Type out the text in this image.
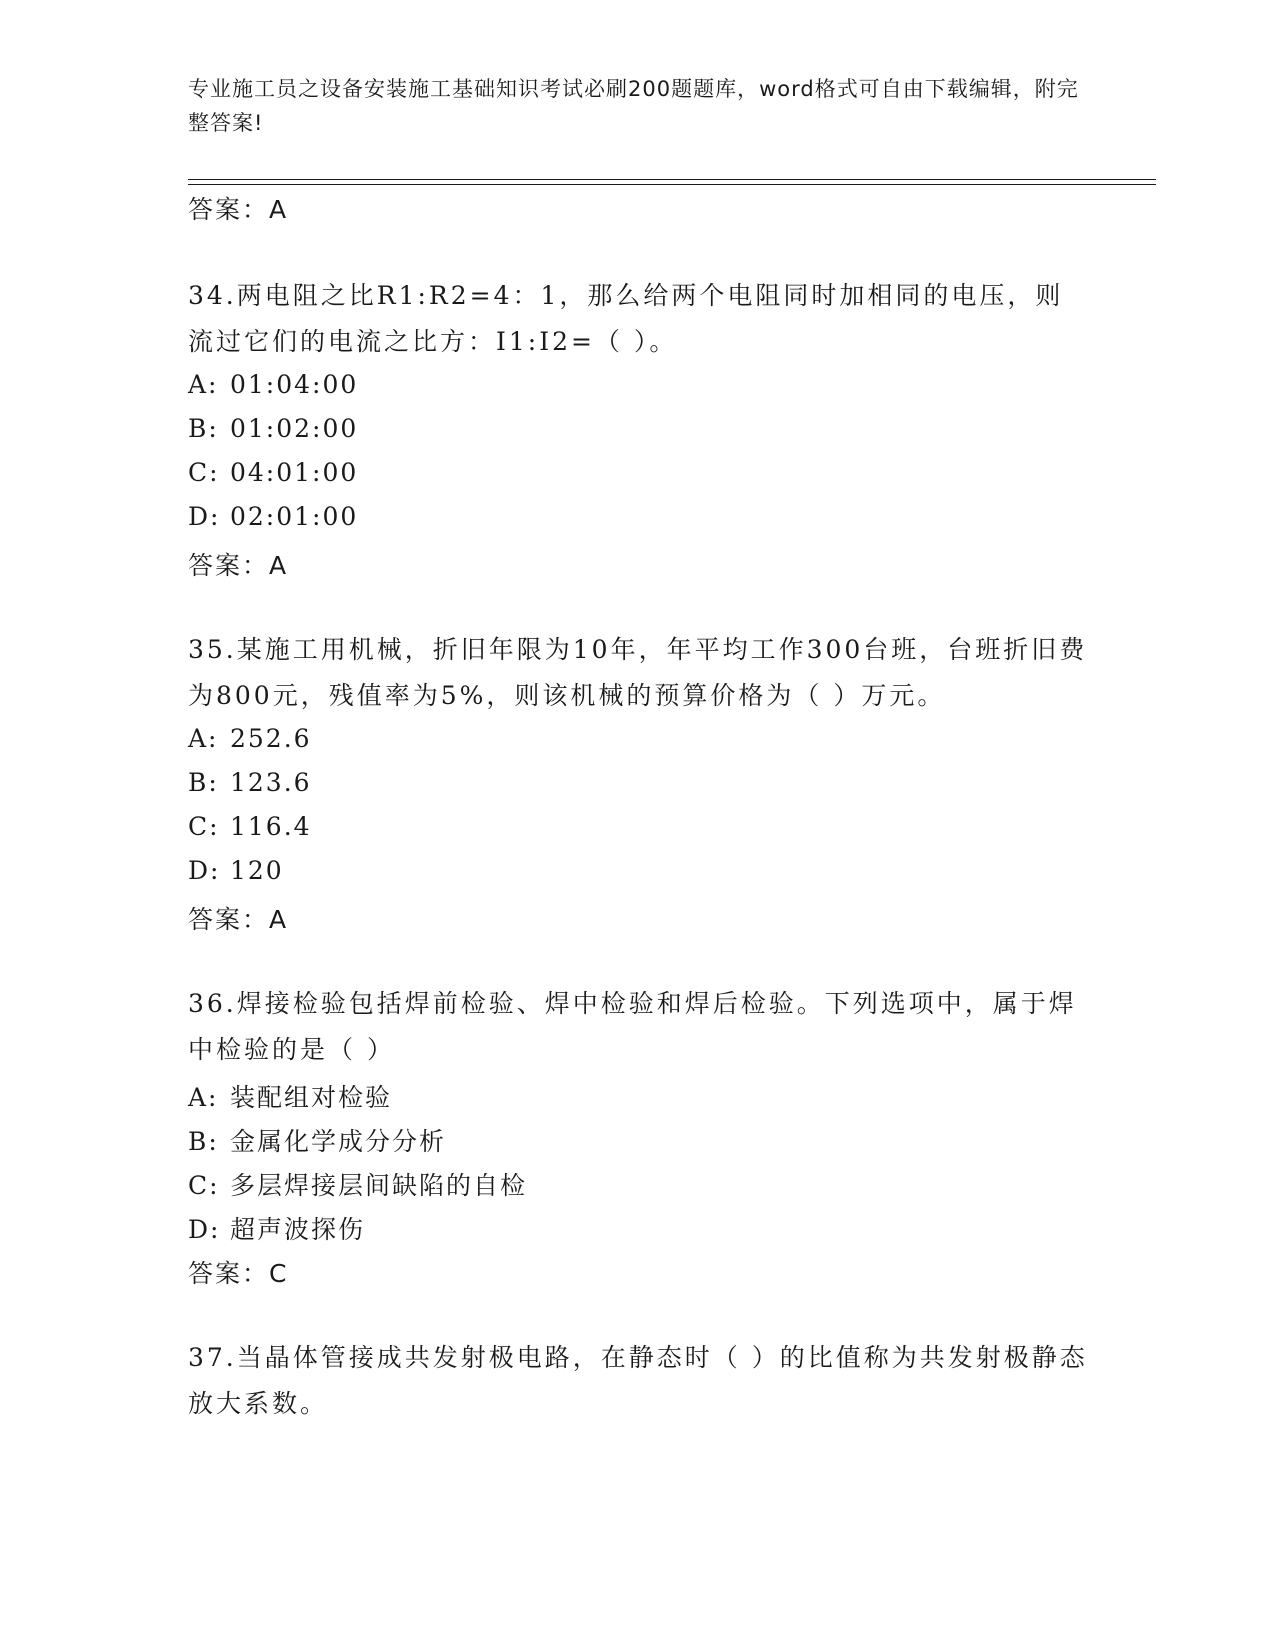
专业施工员之设备安装施工基础知识考试必刷200题题库，word格式可自由下载编辑，附完整答案!
答案：A
34.两电阻之比R1:R2=4：1，那么给两个电阻同时加相同的电压，则流过它们的电流之比方：I1:I2=（ ）。
A: 01:04:00
B: 01:02:00
C: 04:01:00
D: 02:01:00
答案：A
35.某施工用机械，折旧年限为10年，年平均工作300台班，台班折旧费为800元，残值率为5%，则该机械的预算价格为（ ）万元。
A: 252.6
B: 123.6
C: 116.4
D: 120
答案：A
36.焊接检验包括焊前检验、焊中检验和焊后检验。下列选项中，属于焊中检验的是（ ）
A: 装配组对检验
B: 金属化学成分分析
C: 多层焊接层间缺陷的自检
D: 超声波探伤
答案：C
37.当晶体管接成共发射极电路，在静态时（ ）的比值称为共发射极静态放大系数。
